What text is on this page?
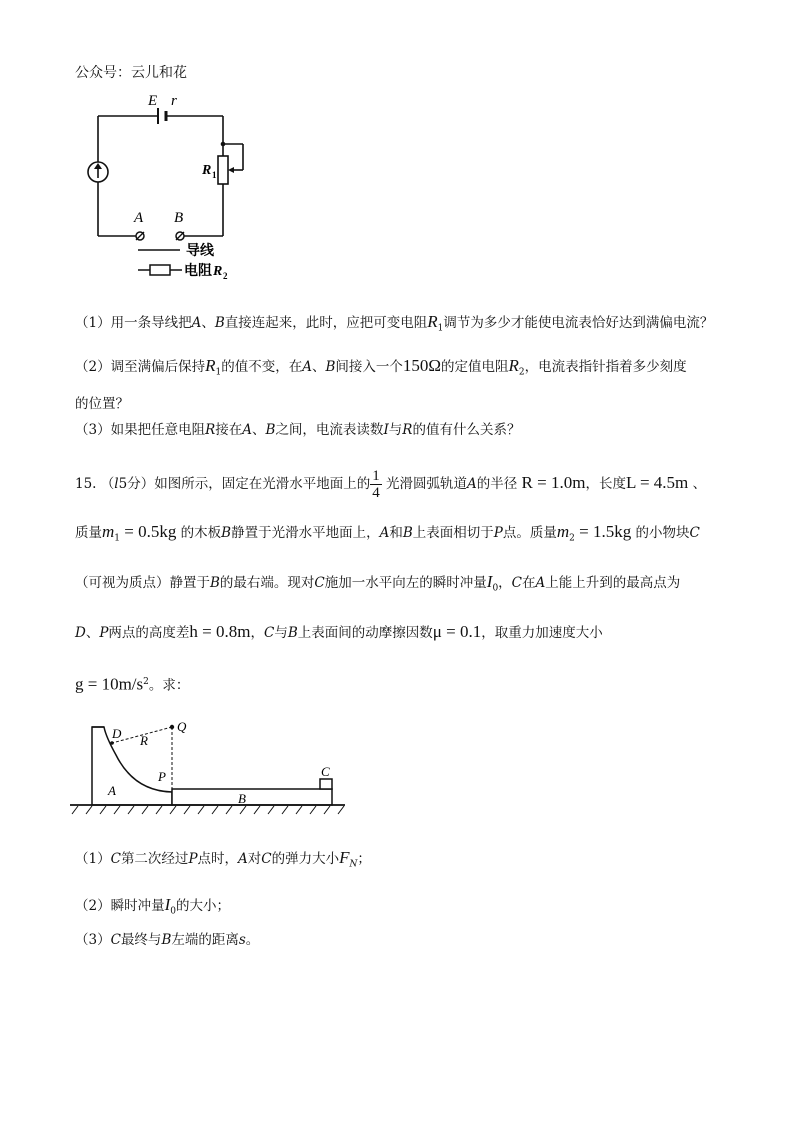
公众号：云儿和花
E r
R 1
A B
导线
电阻 R 2
（1）用一条导线把A、B直接连起来，此时，应把可变电阻$R_1$调节为多少才能使电流表恰好达到满偏电流？
（2）调至满偏后保持$R_1$的值不变，在A、B间接入一个150Ω的定值电阻$R_2$，电流表指针指着多少刻度
的位置？
（3）如果把任意电阻R接在A、B之间，电流表读数I与R的值有什么关系？
15. （l5分）如图所示，固定在光滑水平地面上的 $\frac{1}{4}$ 光滑圆弧轨道A的半径 R = 1.0m，长度L = 4.5m 、
质量$m_1 = 0.5kg$ 的木板B静置于光滑水平地面上，A和B上表面相切于P点。质量$m_2 = 1.5kg$ 的小物块C
（可视为质点）静置于B的最右端。现对C施加一水平向左的瞬时冲量$I_0$，C在A上能上升到的最高点为
D、P两点的高度差h = 0.8m，C与B上表面间的动摩擦因数μ = 0.1，取重力加速度大小
$g = 10m/s^2$。求：
D	Q
R
P
A
B
C
（1）C第二次经过P点时，A对C的弹力大小$F_N$；
（2）瞬时冲量$I_0$的大小；
（3）C最终与B左端的距离s。
